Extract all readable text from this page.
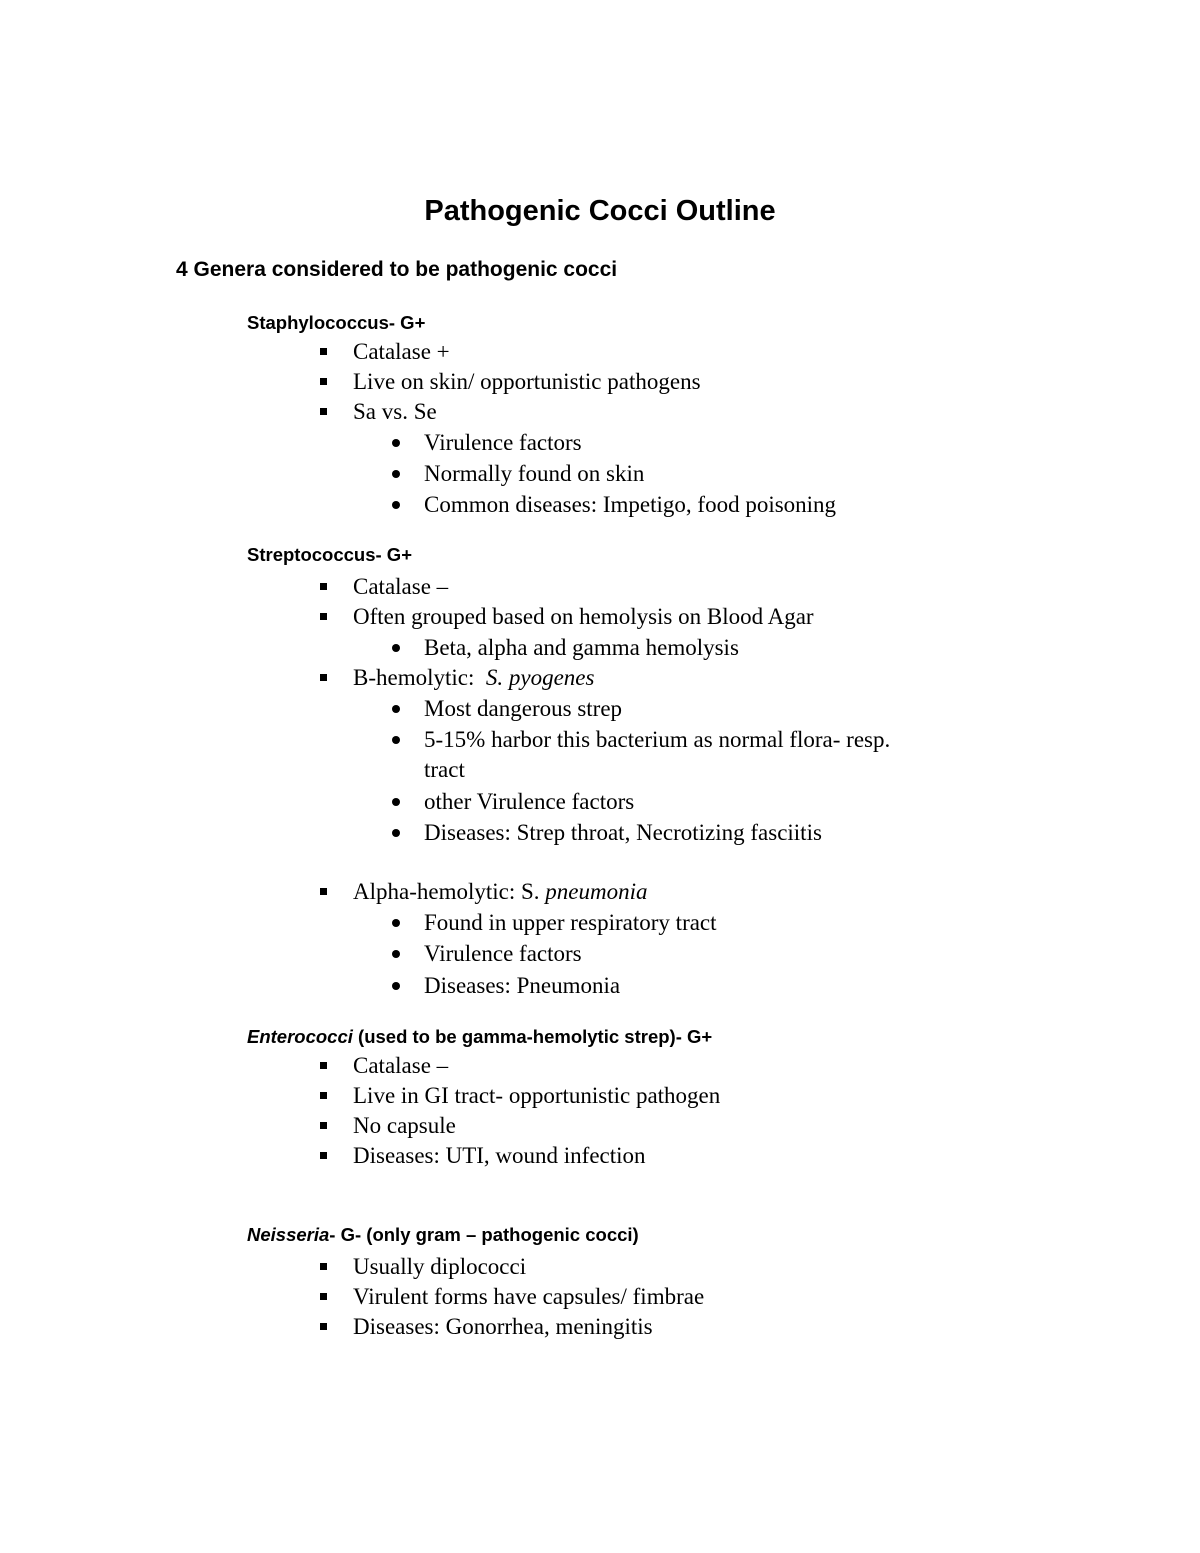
Pathogenic Cocci Outline

4 Genera considered to be pathogenic cocci

Staphylococcus- G+

Catalase +

Live on skin/ opportunistic pathogens

Sa vs. Se

Virulence factors

Normally found on skin

Common diseases: Impetigo, food poisoning

Streptococcus- G+

Catalase –

Often grouped based on hemolysis on Blood Agar

Beta, alpha and gamma hemolysis

B-hemolytic: S. pyogenes

Most dangerous strep

5-15% harbor this bacterium as normal flora- resp.

tract

other Virulence factors

Diseases: Strep throat, Necrotizing fasciitis

Alpha-hemolytic: S. pneumonia

Found in upper respiratory tract

Virulence factors

Diseases: Pneumonia

Enterococci (used to be gamma-hemolytic strep)- G+

Catalase –

Live in GI tract- opportunistic pathogen

No capsule

Diseases: UTI, wound infection

Neisseria- G- (only gram – pathogenic cocci)

Usually diplococci

Virulent forms have capsules/ fimbrae

Diseases: Gonorrhea, meningitis
